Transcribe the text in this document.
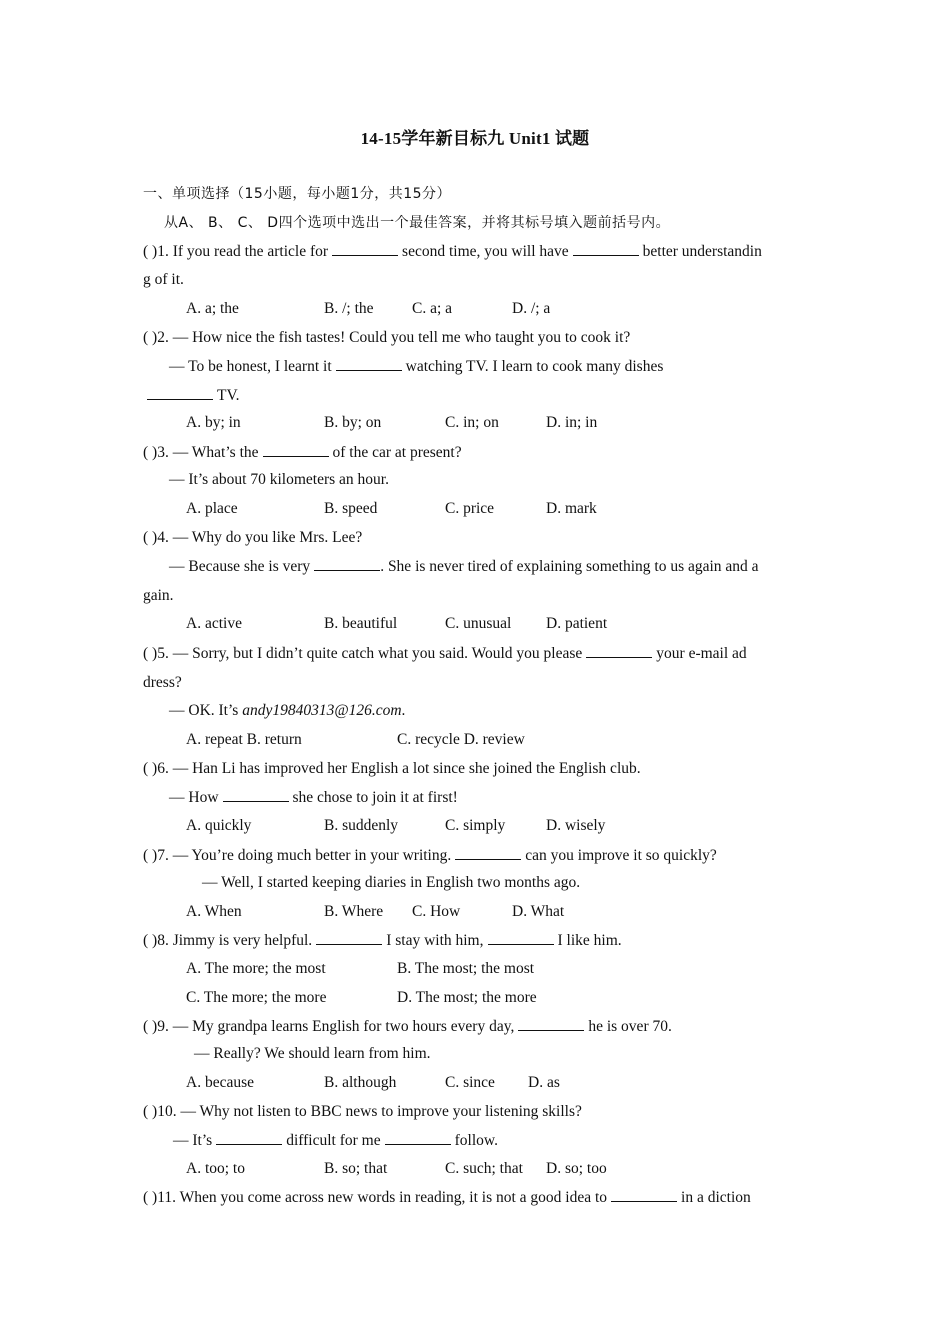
14-15学年新目标九 Unit1 试题
一、单项选择（15小题，每小题1分，共15分）
从A、 B、 C、 D四个选项中选出一个最佳答案，并将其标号填入题前括号内。
( )1. If you read the article for	second time, you will have	better understandin
g of it.
A. a; the	B. /; the C. a; a	D. /; a
( )2. — How nice the fish tastes! Could you tell me who taught you to cook it?
— To be honest, I learnt it	watching TV. I learn to cook many dishes
TV.
A. by; in	B. by; on	C. in; on	D. in; in
( )3. — What’s the	of the car at present?
— It’s about 70 kilometers an hour.
A. place	B. speed	C. price	D. mark
( )4. — Why do you like Mrs. Lee?
— Because she is very	. She is never tired of explaining something to us again and a
gain.
A. active	B. beautiful	C. unusual D. patient
( )5. — Sorry, but I didn’t quite catch what you said. Would you please	your e-mail ad
dress?
— OK. It’s andy19840313@126.com.
A. repeat B. return	C. recycle D. review
( )6. — Han Li has improved her English a lot since she joined the English club.
— How	she chose to join it at first!
A. quickly	B. suddenly	C. simply	D. wisely
( )7. — You’re doing much better in your writing.	can you improve it so quickly?
— Well, I started keeping diaries in English two months ago.
A. When	B. Where C. How	D. What
( )8. Jimmy is very helpful.	I stay with him,	I like him.
A. The more; the most	B. The most; the most
C. The more; the more	D. The most; the more
( )9. — My grandpa learns English for two hours every day,	he is over 70.
— Really? We should learn from him.
A. because	B. although	C. since D. as
( )10. — Why not listen to BBC news to improve your listening skills?
— It’s	difficult for me	follow.
A. too; to	B. so; that	C. such; that D. so; too
( )11. When you come across new words in reading, it is not a good idea to	in a diction
